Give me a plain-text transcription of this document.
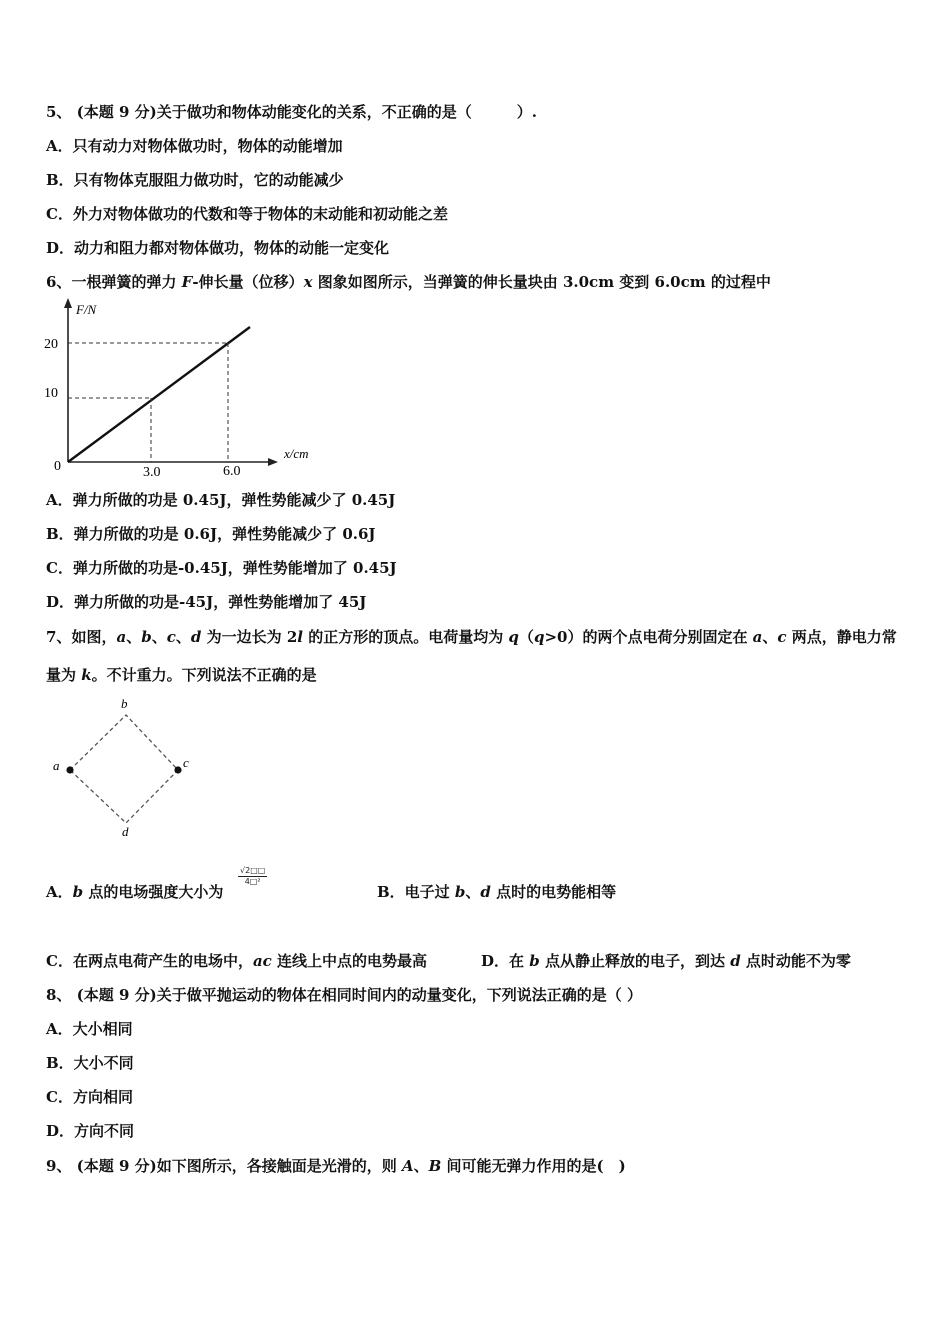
5、 (本题 9 分)关于做功和物体动能变化的关系，不正确的是（　　　）.
A．只有动力对物体做功时，物体的动能增加
B．只有物体克服阻力做功时，它的动能减少
C．外力对物体做功的代数和等于物体的末动能和初动能之差
D．动力和阻力都对物体做功，物体的动能一定变化
6、一根弹簧的弹力 F-伸长量（位移）x 图象如图所示，当弹簧的伸长量块由 3.0cm 变到 6.0cm 的过程中
F/N
20
10
0	3.0	6.0
x/cm
A．弹力所做的功是 0.45J，弹性势能减少了 0.45J
B．弹力所做的功是 0.6J，弹性势能减少了 0.6J
C．弹力所做的功是-0.45J，弹性势能增加了 0.45J
D．弹力所做的功是-45J，弹性势能增加了 45J
7、如图，a、b、c、d 为一边长为 2l 的正方形的顶点。电荷量均为 q（q>0）的两个点电荷分别固定在 a、c 两点，静电力常
量为 k。不计重力。下列说法不正确的是
b
a	c
d
A．b 点的电场强度大小为
$\frac{√2□□}{\text{4□²}}$
B．电子过 b、d 点时的电势能相等
C．在两点电荷产生的电场中，ac 连线上中点的电势最高	D．在 b 点从静止释放的电子，到达 d 点时动能不为零
8、 (本题 9 分)关于做平抛运动的物体在相同时间内的动量变化，下列说法正确的是（ ）
A．大小相同
B．大小不同
C．方向相同
D．方向不同
9、 (本题 9 分)如下图所示，各接触面是光滑的，则 A、B 间可能无弹力作用的是(　)
